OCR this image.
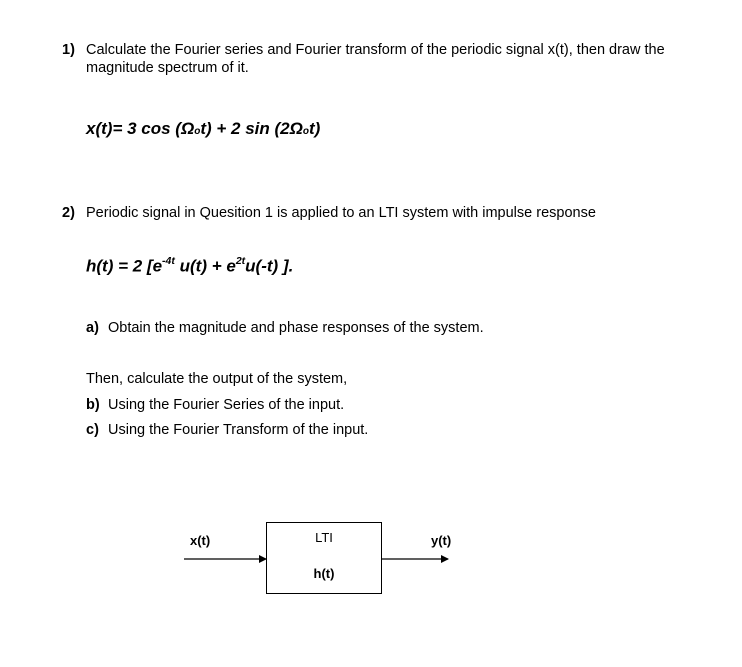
1) Calculate the Fourier series and Fourier transform of the periodic signal x(t), then draw the
magnitude spectrum of it.
x(t)= 3 cos (Ωot) + 2 sin (2Ωot)
2) Periodic signal in Quesition 1 is applied to an LTI system with impulse response
h(t) = 2 [$e^{-4t}$ $u(t) + e^{2t}u(-t)$ ].
a) Obtain the magnitude and phase responses of the system.
Then, calculate the output of the system,
b) Using the Fourier Series of the input.
c) Using the Fourier Transform of the input.
x(t)	y(t)
LTI
h(t)
